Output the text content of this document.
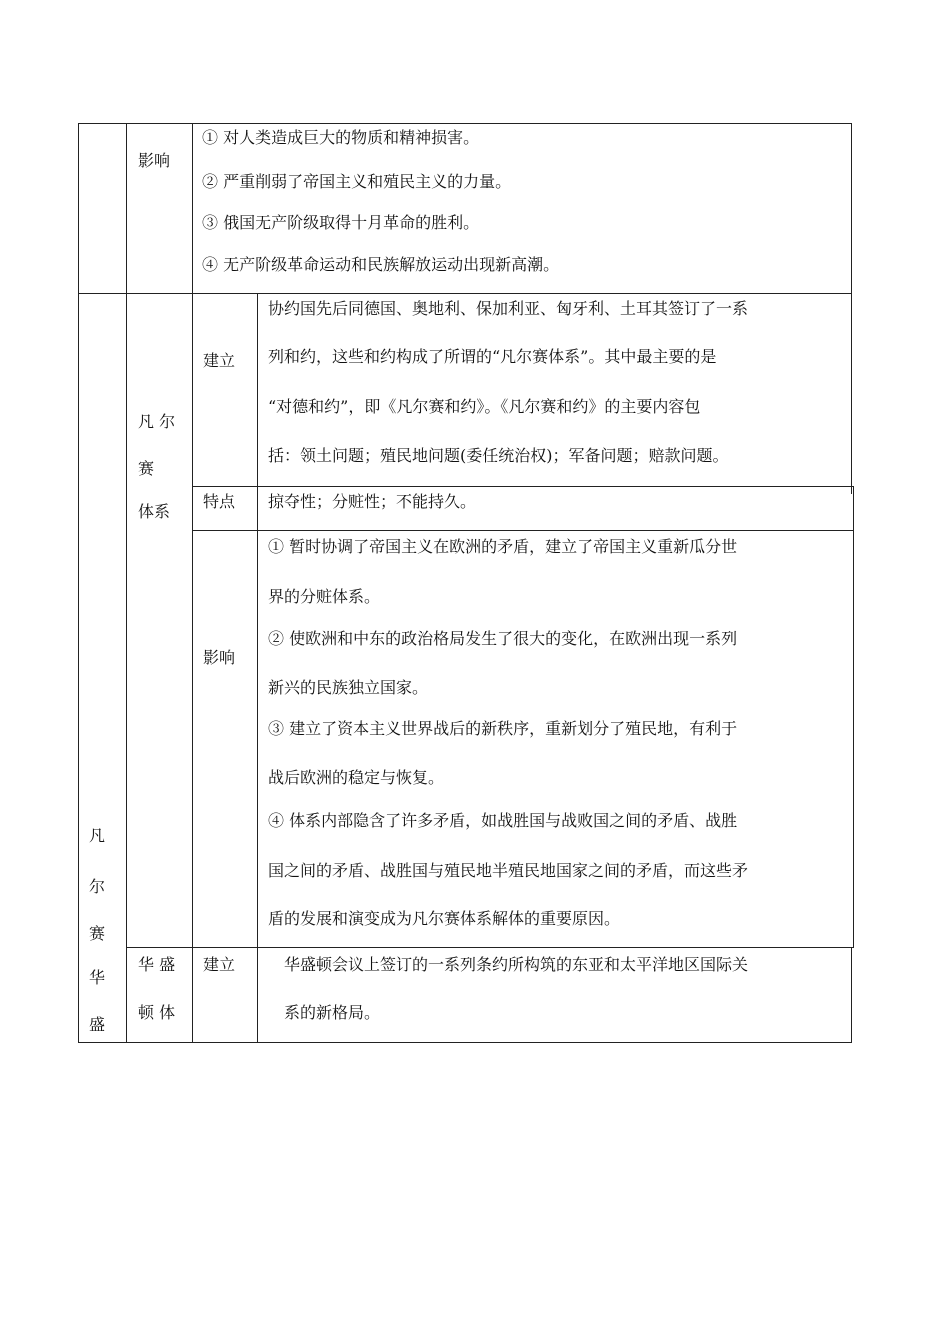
影响
① 对人类造成巨大的物质和精神损害。
② 严重削弱了帝国主义和殖民主义的力量。
③ 俄国无产阶级取得十月革命的胜利。
④ 无产阶级革命运动和民族解放运动出现新高潮。
凡
尔
赛
华
盛
凡 尔
赛
体系
建立
协约国先后同德国、奥地利、保加利亚、匈牙利、土耳其签订了一系
列和约，这些和约构成了所谓的“凡尔赛体系”。其中最主要的是
“对德和约”，即《凡尔赛和约》。《凡尔赛和约》的主要内容包
括：领土问题；殖民地问题(委任统治权)；军备问题；赔款问题。
特点 掠夺性；分赃性；不能持久。
影响
① 暂时协调了帝国主义在欧洲的矛盾，建立了帝国主义重新瓜分世
界的分赃体系。
② 使欧洲和中东的政治格局发生了很大的变化，在欧洲出现一系列
新兴的民族独立国家。
③ 建立了资本主义世界战后的新秩序，重新划分了殖民地，有利于
战后欧洲的稳定与恢复。
④ 体系内部隐含了许多矛盾，如战胜国与战败国之间的矛盾、战胜
国之间的矛盾、战胜国与殖民地半殖民地国家之间的矛盾，而这些矛
盾的发展和演变成为凡尔赛体系解体的重要原因。
华 盛
顿 体
建立	华盛顿会议上签订的一系列条约所构筑的东亚和太平洋地区国际关
系的新格局。
